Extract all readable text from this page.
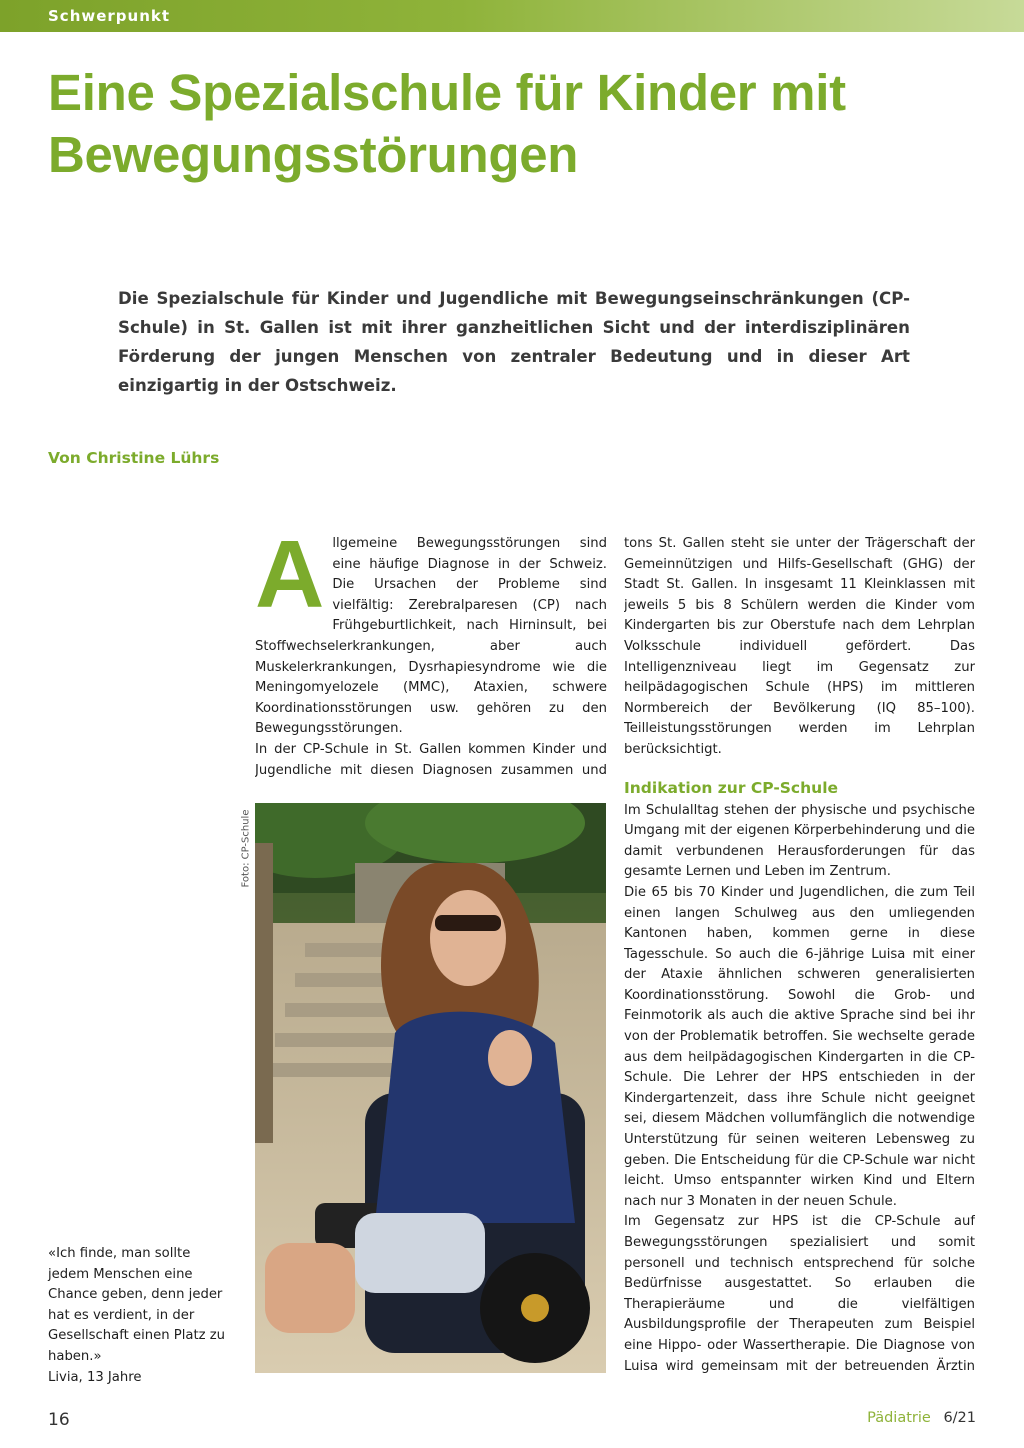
Schwerpunkt
Eine Spezialschule für Kinder mit Bewegungsstörungen

Die Spezialschule für Kinder und Jugendliche mit Bewegungseinschränkungen (CP-Schule) in St. Gallen ist mit ihrer ganzheitlichen Sicht und der interdisziplinären Förderung der jungen Menschen von zentraler Bedeutung und in dieser Art einzigartig in der Ostschweiz.

Von Christine Lührs

A llgemeine Bewegungsstörungen sind eine häufige Diagnose in der Schweiz. Die Ursachen der Probleme sind vielfältig: Zerebralparesen (CP) nach Frühgeburtlichkeit, nach Hirninsult, bei Stoffwechselerkrankungen, aber auch Muskelerkrankungen, Dysrhapiesyndrome wie die Meningomyelozele (MMC), Ataxien, schwere Koordinationsstörungen usw. gehören zu den Bewegungsstörungen.

In der CP-Schule in St. Gallen kommen Kinder und Jugendliche mit diesen Diagnosen zusammen und

tons St. Gallen steht sie unter der Trägerschaft der Gemeinnützigen und Hilfs-Gesellschaft (GHG) der Stadt St. Gallen. In insgesamt 11 Kleinklassen mit jeweils 5 bis 8 Schülern werden die Kinder vom Kindergarten bis zur Oberstufe nach dem Lehrplan Volksschule individuell gefördert. Das Intelligenzniveau liegt im Gegensatz zur heilpädagogischen Schule (HPS) im mittleren Normbereich der Bevölkerung (IQ 85–100). Teilleistungsstörungen werden im Lehrplan berücksichtigt.

Indikation zur CP-Schule

Im Schulalltag stehen der physische und psychische Umgang mit der eigenen Körperbehinderung und die damit verbundenen Herausforderungen für das gesamte Lernen und Leben im Zentrum.

Die 65 bis 70 Kinder und Jugendlichen, die zum Teil einen langen Schulweg aus den umliegenden Kantonen haben, kommen gerne in diese Tagesschule. So auch die 6-jährige Luisa mit einer der Ataxie ähnlichen schweren generalisierten Koordinationsstörung. Sowohl die Grob- und Feinmotorik als auch die aktive Sprache sind bei ihr von der Problematik betroffen. Sie wechselte gerade aus dem heilpädagogischen Kindergarten in die CP-Schule. Die Lehrer der HPS entschieden in der Kindergartenzeit, dass ihre Schule nicht geeignet sei, diesem Mädchen vollumfänglich die notwendige Unterstützung für seinen weiteren Lebensweg zu geben. Die Entscheidung für die CP-Schule war nicht leicht. Umso entspannter wirken Kind und Eltern nach nur 3 Monaten in der neuen Schule.

Im Gegensatz zur HPS ist die CP-Schule auf Bewegungsstörungen spezialisiert und somit personell und technisch entsprechend für solche Bedürfnisse ausgestattet. So erlauben die Therapieräume und die vielfältigen Ausbildungsprofile der Therapeuten zum Beispiel eine Hippo- oder Wassertherapie. Die Diagnose von Luisa wird gemeinsam mit der betreuenden Ärztin

Foto: CP-Schule

«Ich finde, man sollte jedem Menschen eine Chance geben, denn jeder hat es verdient, in der Gesellschaft einen Platz zu haben.»

Livia, 13 Jahre

16	Pädiatrie 6/21
